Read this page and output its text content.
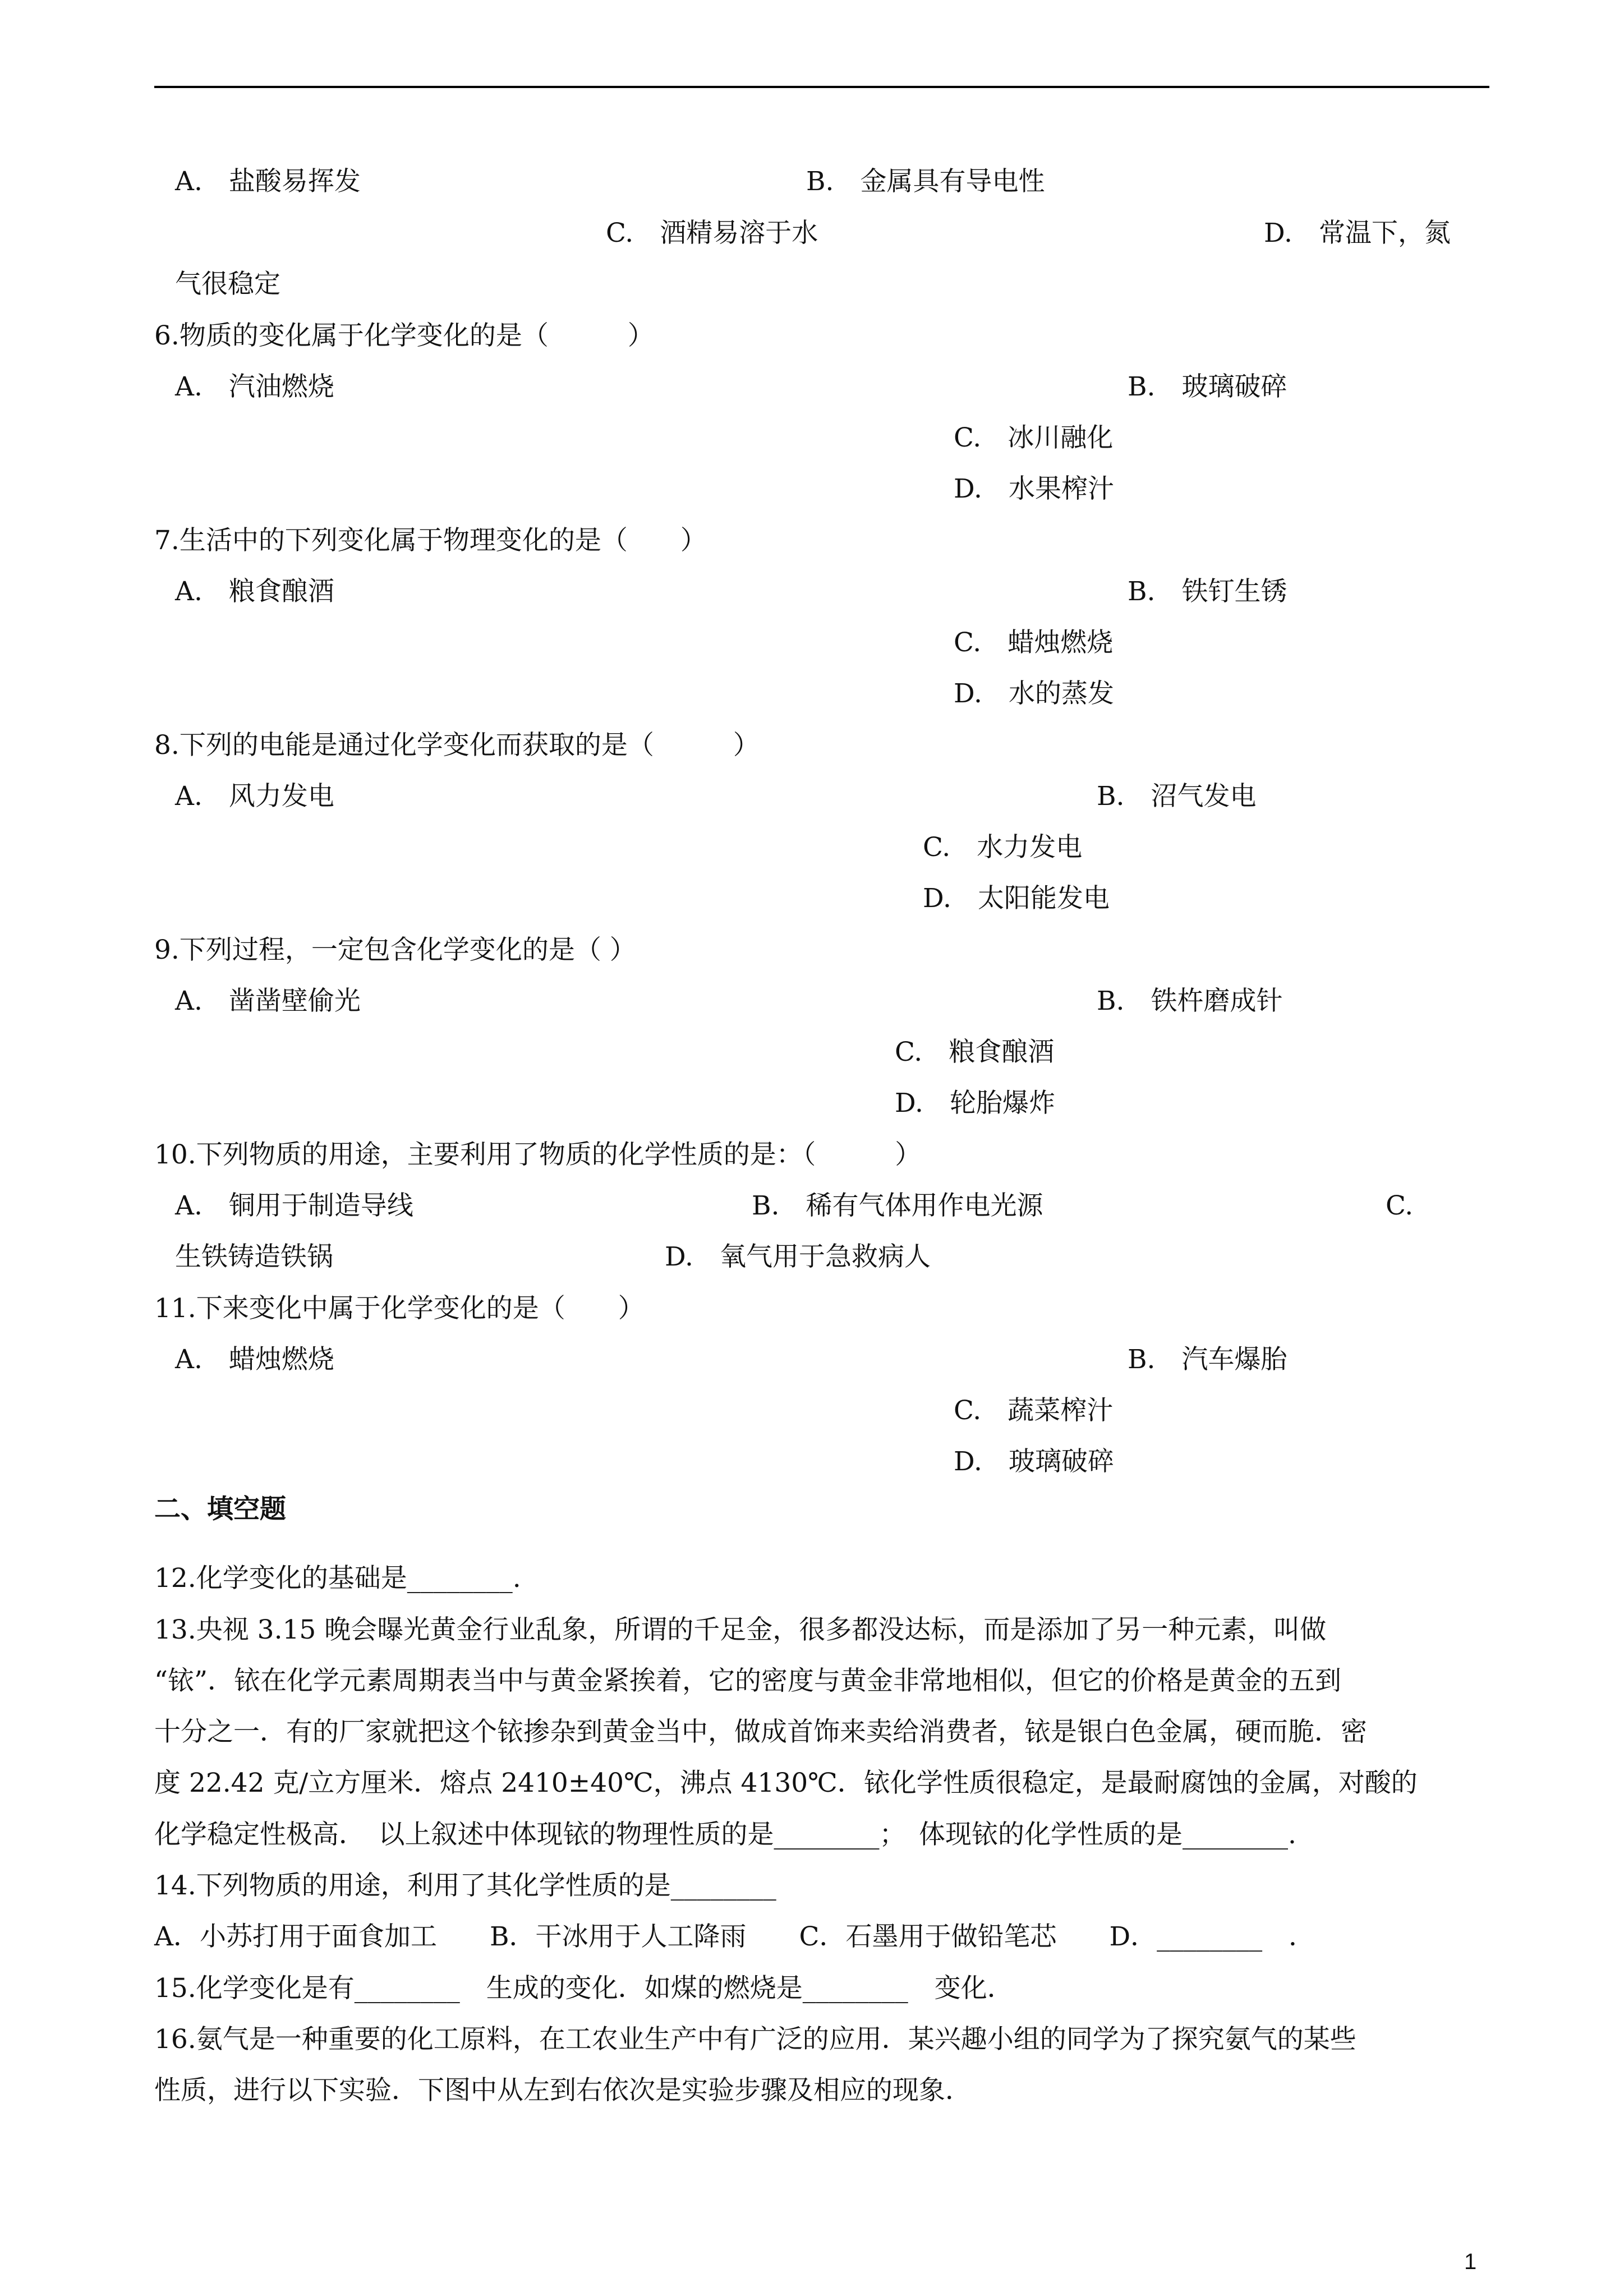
A.　盐酸易挥发	B.　金属具有导电性
C.　酒精易溶于水	D.　常温下，氮
气很稳定
6.物质的变化属于化学变化的是（　　　）
A.　汽油燃烧	B.　玻璃破碎
C.　冰川融化
D.　水果榨汁
7.生活中的下列变化属于物理变化的是（　　）
A.　粮食酿酒	B.　铁钉生锈
C.　蜡烛燃烧
D.　水的蒸发
8.下列的电能是通过化学变化而获取的是（　　　）
A.　风力发电	B.　沼气发电
C.　水力发电
D.　太阳能发电
9.下列过程，一定包含化学变化的是（ ）
A.　凿凿壁偷光	B.　铁杵磨成针
C.　粮食酿酒
D.　轮胎爆炸
10.下列物质的用途，主要利用了物质的化学性质的是：（　　　）
A.　铜用于制造导线	B.　稀有气体用作电光源	C.
生铁铸造铁锅	D.　氧气用于急救病人
11.下来变化中属于化学变化的是（　　）
A.　蜡烛燃烧	B.　汽车爆胎
C.　蔬菜榨汁
D.　玻璃破碎
二、填空题
12.化学变化的基础是________.
13.央视 3.15 晚会曝光黄金行业乱象，所谓的千足金，很多都没达标，而是添加了另一种元素，叫做
“铱”．铱在化学元素周期表当中与黄金紧挨着，它的密度与黄金非常地相似，但它的价格是黄金的五到
十分之一．有的厂家就把这个铱掺杂到黄金当中，做成首饰来卖给消费者，铱是银白色金属，硬而脆．密
度 22.42 克/立方厘米．熔点 2410±40℃，沸点 4130℃．铱化学性质很稳定，是最耐腐蚀的金属，对酸的
化学稳定性极高．　以上叙述中体现铱的物理性质的是________；　体现铱的化学性质的是________.
14.下列物质的用途，利用了其化学性质的是________
A．小苏打用于面食加工　　B．干冰用于人工降雨　　C．石墨用于做铅笔芯　　D．________　．
15.化学变化是有________　生成的变化．如煤的燃烧是________　变化．
16.氨气是一种重要的化工原料，在工农业生产中有广泛的应用．某兴趣小组的同学为了探究氨气的某些
性质，进行以下实验．下图中从左到右依次是实验步骤及相应的现象．
1
